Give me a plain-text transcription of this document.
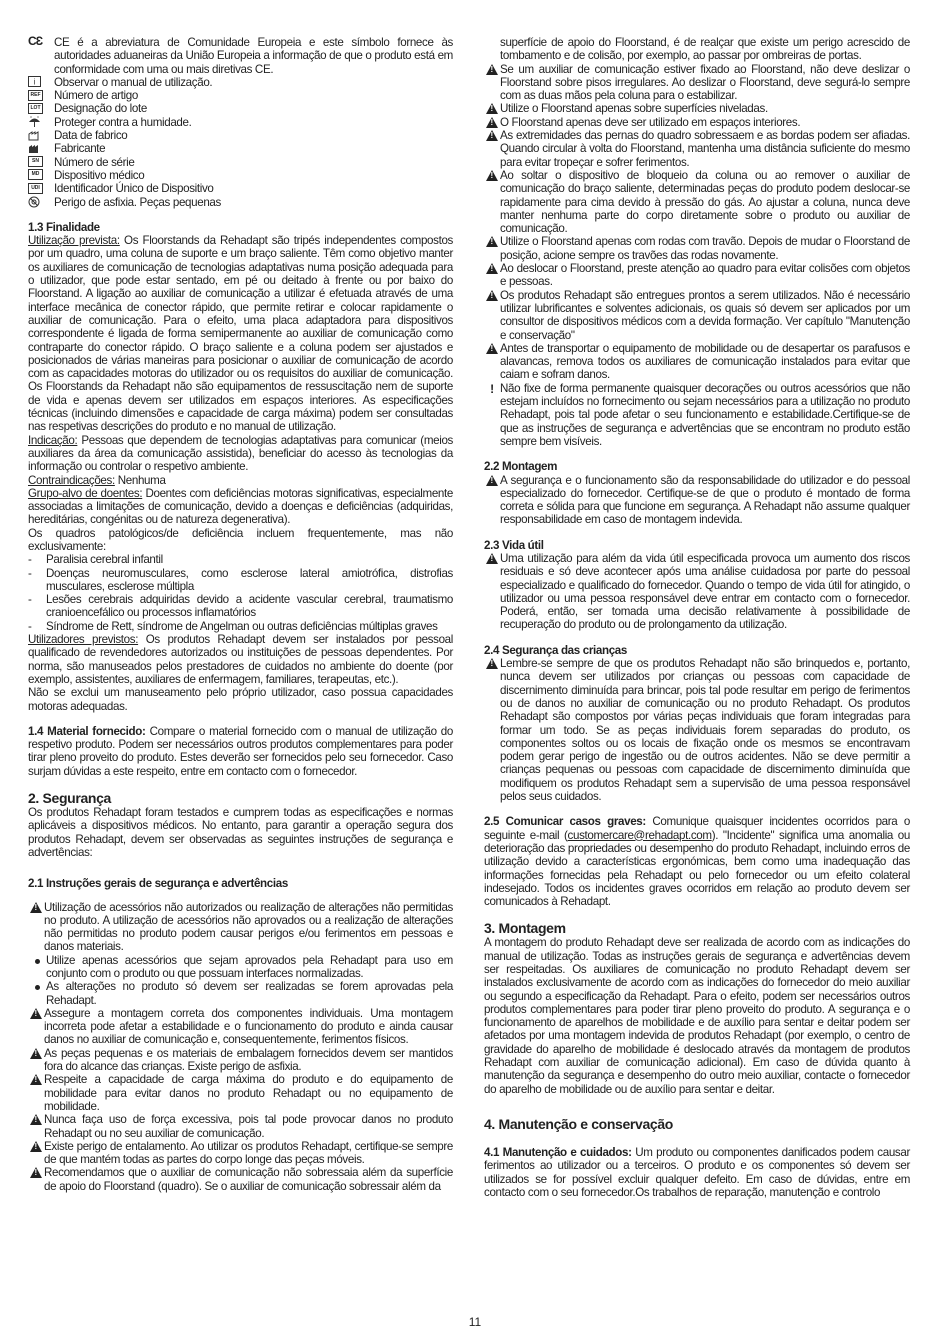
CƐ CE é a abreviatura de Comunidade Europeia e este símbolo fornece às autoridades aduaneiras da União Europeia a informação de que o produto está em conformidade com uma ou mais diretivas CE.
i Observar o manual de utilização.
REF Número de artigo
LOT Designação do lote
Proteger contra a humidade.
Data de fabrico
Fabricante
SN	Número de série
MD	Dispositivo médico
UDI Identificador Único de Dispositivo
Perigo de asfixia. Peças pequenas
1.3 Finalidade

Utilização prevista: Os Floorstands da Rehadapt são tripés independentes compostos por um quadro, uma coluna de suporte e um braço saliente. Têm como objetivo manter os auxiliares de comunicação de tecnologias adaptativas numa posição adequada para o utilizador, que pode estar sentado, em pé ou deitado à frente ou por baixo do Floorstand. A ligação ao auxiliar de comunicação a utilizar é efetuada através de uma interface mecânica de conector rápido, que permite retirar e colocar rapidamente o auxiliar de comunicação. Para o efeito, uma placa adaptadora para dispositivos correspondente é ligada de forma semipermanente ao auxiliar de comunicação como contraparte do conector rápido. O braço saliente e a coluna podem ser ajustados e posicionados de várias maneiras para posicionar o auxiliar de comunicação de acordo com as capacidades motoras do utilizador ou os requisitos do auxiliar de comunicação. Os Floorstands da Rehadapt não são equipamentos de ressuscitação nem de suporte de vida e apenas devem ser utilizados em espaços interiores. As especificações técnicas (incluindo dimensões e capacidade de carga máxima) podem ser consultadas nas respetivas descrições do produto e no manual de utilização.

Indicação: Pessoas que dependem de tecnologias adaptativas para comunicar (meios auxiliares da área da comunicação assistida), beneficiar do acesso às tecnologias da informação ou controlar o respetivo ambiente.

Contraindicações: Nenhuma

Grupo-alvo de doentes: Doentes com deficiências motoras significativas, especialmente associadas a limitações de comunicação, devido a doenças e deficiências (adquiridas, hereditárias, congénitas ou de natureza degenerativa).

Os quadros patológicos/de deficiência incluem frequentemente, mas não exclusivamente:

-	Paralisia cerebral infantil
-	Doenças neuromusculares, como esclerose lateral amiotrófica, distrofias musculares, esclerose múltipla
-	Lesões cerebrais adquiridas devido a acidente vascular cerebral, traumatismo cranioencefálico ou processos inflamatórios
-	Síndrome de Rett, síndrome de Angelman ou outras deficiências múltiplas graves

Utilizadores previstos: Os produtos Rehadapt devem ser instalados por pessoal qualificado de revendedores autorizados ou instituições de pessoas dependentes. Por norma, são manuseados pelos prestadores de cuidados no ambiente do doente (por exemplo, assistentes, auxiliares de enfermagem, familiares, terapeutas, etc.).

Não se exclui um manuseamento pelo próprio utilizador, caso possua capacidades motoras adequadas.

1.4 Material fornecido: Compare o material fornecido com o manual de utilização do respetivo produto. Podem ser necessários outros produtos complementares para poder tirar pleno proveito do produto. Estes deverão ser fornecidos pelo seu fornecedor. Caso surjam dúvidas a este respeito, entre em contacto com o fornecedor.

2. Segurança

Os produtos Rehadapt foram testados e cumprem todas as especificações e normas aplicáveis a dispositivos médicos. No entanto, para garantir a operação segura dos produtos Rehadapt, devem ser observadas as seguintes instruções de segurança e advertências:

2.1 Instruções gerais de segurança e advertências
!
Utilização de acessórios não autorizados ou realização de alterações não permitidas no produto. A utilização de acessórios não aprovados ou a realização de alterações não permitidas no produto podem causar perigos e/ou ferimentos em pessoas e danos materiais.
Utilize apenas acessórios que sejam aprovados pela Rehadapt para uso em conjunto com o produto ou que possuam interfaces normalizadas.
As alterações no produto só devem ser realizadas se forem aprovadas pela Rehadapt.
!
Assegure a montagem correta dos componentes individuais. Uma montagem incorreta pode afetar a estabilidade e o funcionamento do produto e ainda causar danos no auxiliar de comunicação e, consequentemente, ferimentos físicos.
!
As peças pequenas e os materiais de embalagem fornecidos devem ser mantidos fora do alcance das crianças. Existe perigo de asfixia.
!
Respeite a capacidade de carga máxima do produto e do equipamento de mobilidade para evitar danos no produto Rehadapt ou no equipamento de mobilidade.
!
Nunca faça uso de força excessiva, pois tal pode provocar danos no produto Rehadapt ou no seu auxiliar de comunicação.
!
Existe perigo de entalamento. Ao utilizar os produtos Rehadapt, certifique-se sempre de que mantém todas as partes do corpo longe das peças móveis.
!
Recomendamos que o auxiliar de comunicação não sobressaia além da superfície de apoio do Floorstand (quadro). Se o auxiliar de comunicação sobressair além da

superfície de apoio do Floorstand, é de realçar que existe um perigo acrescido de tombamento e de colisão, por exemplo, ao passar por ombreiras de portas.

!
Se um auxiliar de comunicação estiver fixado ao Floorstand, não deve deslizar o Floorstand sobre pisos irregulares. Ao deslizar o Floorstand, deve segurá-lo sempre com as duas mãos pela coluna para o estabilizar.
!
Utilize o Floorstand apenas sobre superfícies niveladas.
!
O Floorstand apenas deve ser utilizado em espaços interiores.
!
As extremidades das pernas do quadro sobressaem e as bordas podem ser afiadas. Quando circular à volta do Floorstand, mantenha uma distância suficiente do mesmo para evitar tropeçar e sofrer ferimentos.
!
Ao soltar o dispositivo de bloqueio da coluna ou ao remover o auxiliar de comunicação do braço saliente, determinadas peças do produto podem deslocar-se rapidamente para cima devido à pressão do gás. Ao ajustar a coluna, nunca deve manter nenhuma parte do corpo diretamente sobre o produto ou auxiliar de comunicação.
!
Utilize o Floorstand apenas com rodas com travão. Depois de mudar o Floorstand de posição, acione sempre os travões das rodas novamente.
!
Ao deslocar o Floorstand, preste atenção ao quadro para evitar colisões com objetos e pessoas.
!
Os produtos Rehadapt são entregues prontos a serem utilizados. Não é necessário utilizar lubrificantes e solventes adicionais, os quais só devem ser aplicados por um consultor de dispositivos médicos com a devida formação. Ver capítulo "Manutenção e conservação"
!
Antes de transportar o equipamento de mobilidade ou de desapertar os parafusos e alavancas, remova todos os auxiliares de comunicação instalados para evitar que caiam e sofram danos.
! Não fixe de forma permanente quaisquer decorações ou outros acessórios que não estejam incluídos no fornecimento ou sejam necessários para a utilização no produto Rehadapt, pois tal pode afetar o seu funcionamento e estabilidade.Certifique-se de que as instruções de segurança e advertências que se encontram no produto estão sempre bem visíveis.
2.2 Montagem
!
A segurança e o funcionamento são da responsabilidade do utilizador e do pessoal especializado do fornecedor. Certifique-se de que o produto é montado de forma correta e sólida para que funcione em segurança. A Rehadapt não assume qualquer responsabilidade em caso de montagem indevida.
2.3 Vida útil
!
Uma utilização para além da vida útil especificada provoca um aumento dos riscos residuais e só deve acontecer após uma análise cuidadosa por parte do pessoal especializado e qualificado do fornecedor. Quando o tempo de vida útil for atingido, o utilizador ou uma pessoa responsável deve entrar em contacto com o fornecedor. Poderá, então, ser tomada uma decisão relativamente à possibilidade de recuperação do produto ou de prolongamento da utilização.
2.4 Segurança das crianças
!
Lembre-se sempre de que os produtos Rehadapt não são brinquedos e, portanto, nunca devem ser utilizados por crianças ou pessoas com capacidade de discernimento diminuída para brincar, pois tal pode resultar em perigo de ferimentos ou de danos no auxiliar de comunicação ou no produto Rehadapt. Os produtos Rehadapt são compostos por várias peças individuais que foram integradas para formar um todo. Se as peças individuais forem separadas do produto, os componentes soltos ou os locais de fixação onde os mesmos se encontravam podem gerar perigo de ingestão ou de outros acidentes. Não se deve permitir a crianças pequenas ou pessoas com capacidade de discernimento diminuída que modifiquem os produtos Rehadapt sem a supervisão de uma pessoa responsável pelos seus cuidados.

2.5 Comunicar casos graves: Comunique quaisquer incidentes ocorridos para o seguinte e-mail (customercare@rehadapt.com). "Incidente" significa uma anomalia ou deterioração das propriedades ou desempenho do produto Rehadapt, incluindo erros de utilização devido a características ergonómicas, bem como uma inadequação das informações fornecidas pela Rehadapt ou pelo fornecedor ou um efeito colateral indesejado. Todos os incidentes graves ocorridos em relação ao produto devem ser comunicados à Rehadapt.

3. Montagem

A montagem do produto Rehadapt deve ser realizada de acordo com as indicações do manual de utilização. Todas as instruções gerais de segurança e advertências devem ser respeitadas. Os auxiliares de comunicação no produto Rehadapt devem ser instalados exclusivamente de acordo com as indicações do fornecedor do meio auxiliar ou segundo a especificação da Rehadapt. Para o efeito, podem ser necessários outros produtos complementares para poder tirar pleno proveito do produto. A segurança e o funcionamento de aparelhos de mobilidade e de auxílio para sentar e deitar podem ser afetados por uma montagem indevida de produtos Rehadapt (por exemplo, o centro de gravidade do aparelho de mobilidade é deslocado através da montagem de produtos Rehadapt com auxiliar de comunicação adicional). Em caso de dúvida quanto à manutenção da segurança e desempenho do outro meio auxiliar, contacte o fornecedor do aparelho de mobilidade ou de auxílio para sentar e deitar.

4. Manutenção e conservação

4.1 Manutenção e cuidados: Um produto ou componentes danificados podem causar ferimentos ao utilizador ou a terceiros. O produto e os componentes só devem ser utilizados se for possível excluir qualquer defeito. Em caso de dúvidas, entre em contacto com o seu fornecedor.Os trabalhos de reparação, manutenção e controlo

11
